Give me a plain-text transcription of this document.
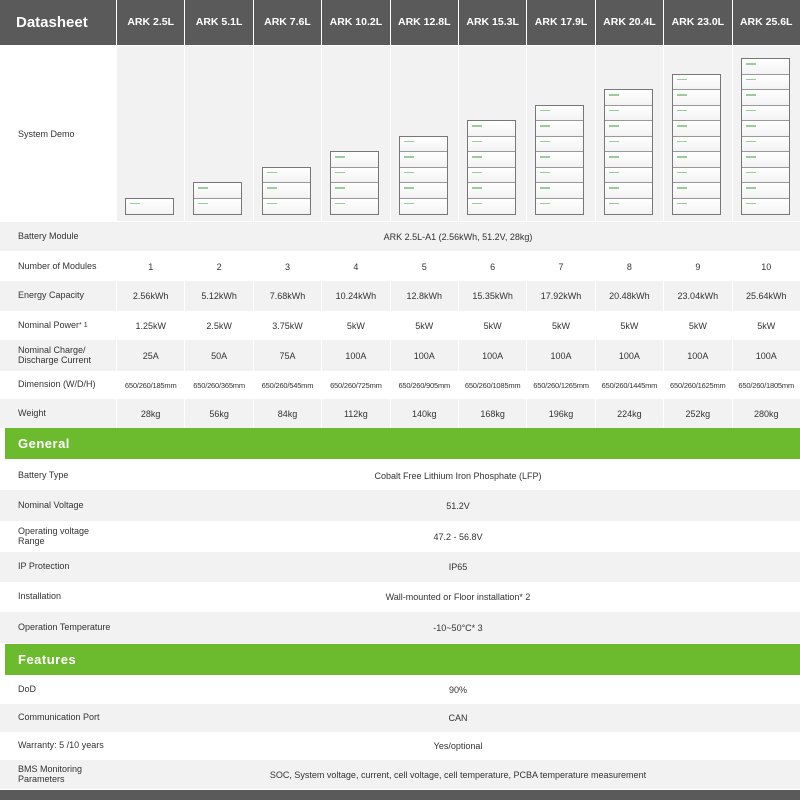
Datasheet	ARK 2.5L	ARK 5.1L	ARK 7.6L	ARK 10.2L	ARK 12.8L	ARK 15.3L	ARK 17.9L	ARK 20.4L	ARK 23.0L	ARK 25.6L
System Demo
Battery Module	ARK 2.5L-A1 (2.56kWh, 51.2V, 28kg)
Number of Modules	1	2	3	4	5	6	7	8	9	10
Energy Capacity	2.56kWh	5.12kWh	7.68kWh	10.24kWh	12.8kWh	15.35kWh	17.92kWh	20.48kWh	23.04kWh	25.64kWh
Nominal Power * 1	1.25kW	2.5kW	3.75kW	5kW	5kW	5kW	5kW	5kW	5kW	5kW
Nominal Charge/ Discharge Current	25A	50A	75A	100A	100A	100A	100A	100A	100A	100A
Dimension (W/D/H)	650/260/185mm	650/260/365mm	650/260/545mm	650/260/725mm	650/260/905mm	650/260/1085mm	650/260/1265mm	650/260/1445mm	650/260/1625mm	650/260/1805mm
Weight	28kg	56kg	84kg	112kg	140kg	168kg	196kg	224kg	252kg	280kg
General
Battery Type	Cobalt Free Lithium Iron Phosphate (LFP)
Nominal Voltage	51.2V
Operating voltage Range	47.2 - 56.8V
IP Protection	IP65
Installation	Wall-mounted or Floor installation* 2
Operation Temperature	-10~50°C* 3
Features
DoD	90%
Communication Port	CAN
Warranty: 5 /10 years	Yes/optional
BMS Monitoring Parameters	SOC, System voltage, current, cell voltage, cell temperature, PCBA temperature measurement
